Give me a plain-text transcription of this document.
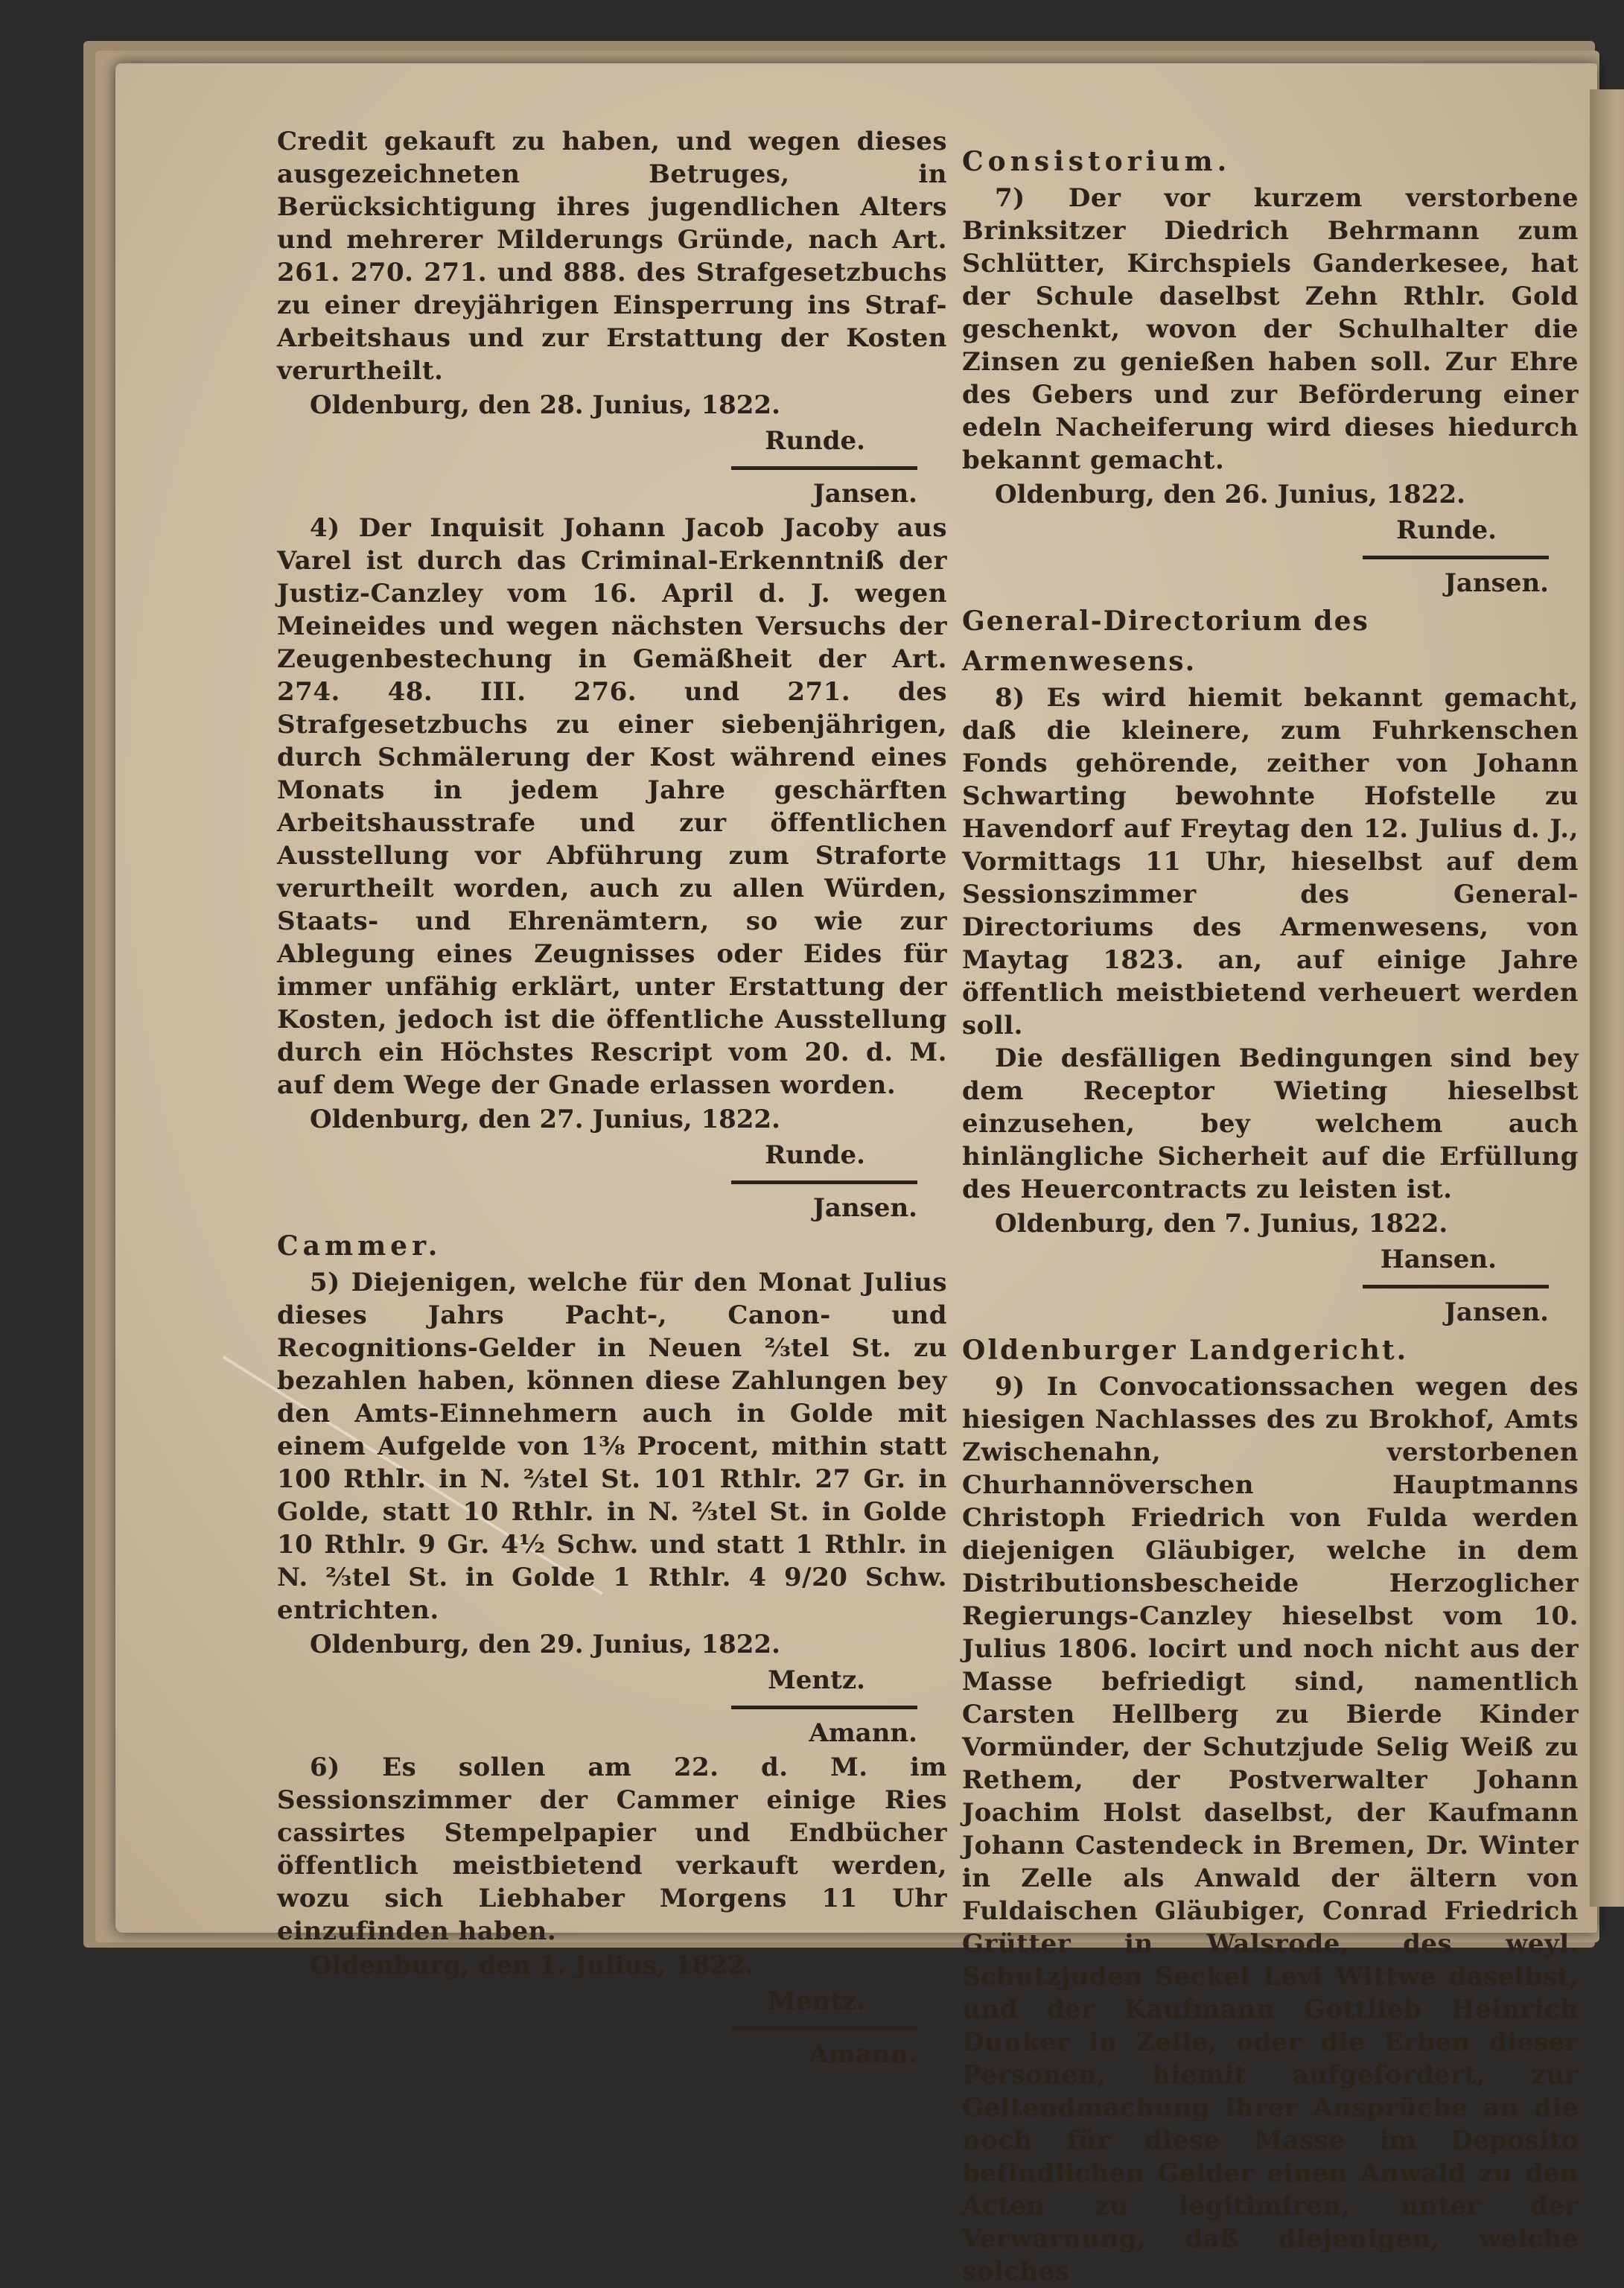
Credit gekauft zu haben, und wegen dieses ausgezeichneten Betruges, in Berücksichtigung ihres jugendlichen Alters und mehrerer Milderungs Gründe, nach Art. 261. 270. 271. und 888. des Strafgesetzbuchs zu einer dreyjährigen Einsperrung ins Straf-Arbeitshaus und zur Erstattung der Kosten verurtheilt.

Oldenburg, den 28. Junius, 1822.

Runde.

Jansen.

4) Der Inquisit Johann Jacob Jacoby aus Varel ist durch das Criminal-Erkenntniß der Justiz-Canzley vom 16. April d. J. wegen Meineides und wegen nächsten Versuchs der Zeugenbestechung in Gemäßheit der Art. 274. 48. III. 276. und 271. des Strafgesetzbuchs zu einer siebenjährigen, durch Schmälerung der Kost während eines Monats in jedem Jahre geschärften Arbeitshausstrafe und zur öffentlichen Ausstellung vor Abführung zum Straforte verurtheilt worden, auch zu allen Würden, Staats- und Ehrenämtern, so wie zur Ablegung eines Zeugnisses oder Eides für immer unfähig erklärt, unter Erstattung der Kosten, jedoch ist die öffentliche Ausstellung durch ein Höchstes Rescript vom 20. d. M. auf dem Wege der Gnade erlassen worden.

Oldenburg, den 27. Junius, 1822.

Runde.

Jansen.

Cammer.

5) Diejenigen, welche für den Monat Julius dieses Jahrs Pacht-, Canon- und Recognitions-Gelder in Neuen ⅔tel St. zu bezahlen haben, können diese Zahlungen bey den Amts-Einnehmern auch in Golde mit einem Aufgelde von 1⅜ Procent, mithin statt 100 Rthlr. in N. ⅔tel St. 101 Rthlr. 27 Gr. in Golde, statt 10 Rthlr. in N. ⅔tel St. in Golde 10 Rthlr. 9 Gr. 4½ Schw. und statt 1 Rthlr. in N. ⅔tel St. in Golde 1 Rthlr. 4 9/20 Schw. entrichten.

Oldenburg, den 29. Junius, 1822.

Mentz.

Amann.

6) Es sollen am 22. d. M. im Sessionszimmer der Cammer einige Ries cassirtes Stempelpapier und Endbücher öffentlich meistbietend verkauft werden, wozu sich Liebhaber Morgens 11 Uhr einzufinden haben.

Oldenburg, den 1. Julius, 1822.

Mentz.

Amann.

Consistorium.

7) Der vor kurzem verstorbene Brinksitzer Diedrich Behrmann zum Schlütter, Kirchspiels Ganderkesee, hat der Schule daselbst Zehn Rthlr. Gold geschenkt, wovon der Schulhalter die Zinsen zu genießen haben soll. Zur Ehre des Gebers und zur Beförderung einer edeln Nacheiferung wird dieses hiedurch bekannt gemacht.

Oldenburg, den 26. Junius, 1822.

Runde.

Jansen.

General-Directorium des Armenwesens.

8) Es wird hiemit bekannt gemacht, daß die kleinere, zum Fuhrkenschen Fonds gehörende, zeither von Johann Schwarting bewohnte Hofstelle zu Havendorf auf Freytag den 12. Julius d. J., Vormittags 11 Uhr, hieselbst auf dem Sessionszimmer des General-Directoriums des Armenwesens, von Maytag 1823. an, auf einige Jahre öffentlich meistbietend verheuert werden soll.

Die desfälligen Bedingungen sind bey dem Receptor Wieting hieselbst einzusehen, bey welchem auch hinlängliche Sicherheit auf die Erfüllung des Heuercontracts zu leisten ist.

Oldenburg, den 7. Junius, 1822.

Hansen.

Jansen.

Oldenburger Landgericht.

9) In Convocationssachen wegen des hiesigen Nachlasses des zu Brokhof, Amts Zwischenahn, verstorbenen Churhannöverschen Hauptmanns Christoph Friedrich von Fulda werden diejenigen Gläubiger, welche in dem Distributionsbescheide Herzoglicher Regierungs-Canzley hieselbst vom 10. Julius 1806. locirt und noch nicht aus der Masse befriedigt sind, namentlich Carsten Hellberg zu Bierde Kinder Vormünder, der Schutzjude Selig Weiß zu Rethem, der Postverwalter Johann Joachim Holst daselbst, der Kaufmann Johann Castendeck in Bremen, Dr. Winter in Zelle als Anwald der ältern von Fuldaischen Gläubiger, Conrad Friedrich Grütter in Walsrode, des weyl. Schutzjuden Seckel Levi Wittwe daselbst, und der Kaufmann Gottlieb Heinrich Dunker in Zelle, oder die Erben dieser Personen, hiemit aufgefordert, zur Geltendmachung ihrer Ansprüche an die noch für diese Masse im Deposito befindlichen Gelder einen Anwald zu den Acten zu legitimiren, unter der Verwarnung, daß diejenigen, welche solches
